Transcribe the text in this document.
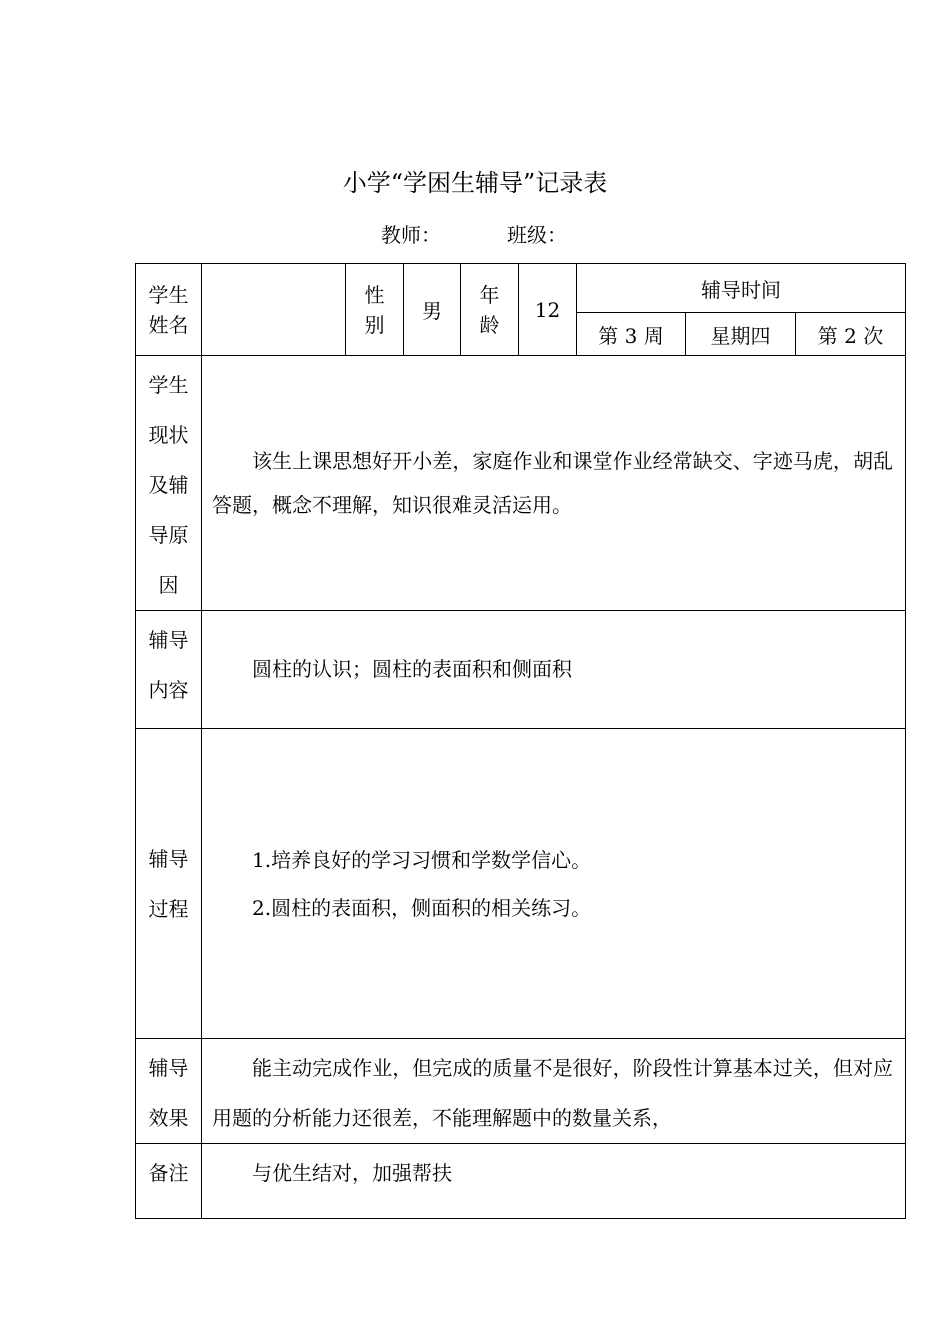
小学“学困生辅导”记录表
教师：	班级：
学生姓名		性别	男	年龄	12	辅导时间		
						第 3 周	星期四	第 2 次

学生现状及辅导原因	该生上课思想好开小差，家庭作业和课堂作业经常缺交、字迹马虎，胡乱答题，概念不理解，知识很难灵活运用。							

辅导内容	圆柱的认识；圆柱的表面积和侧面积							

辅导过程	1.培养良好的学习习惯和学数学信心。

2.圆柱的表面积，侧面积的相关练习。							

辅导效果	能主动完成作业，但完成的质量不是很好，阶段性计算基本过关，但对应用题的分析能力还很差，不能理解题中的数量关系，							

备注	与优生结对，加强帮扶							
